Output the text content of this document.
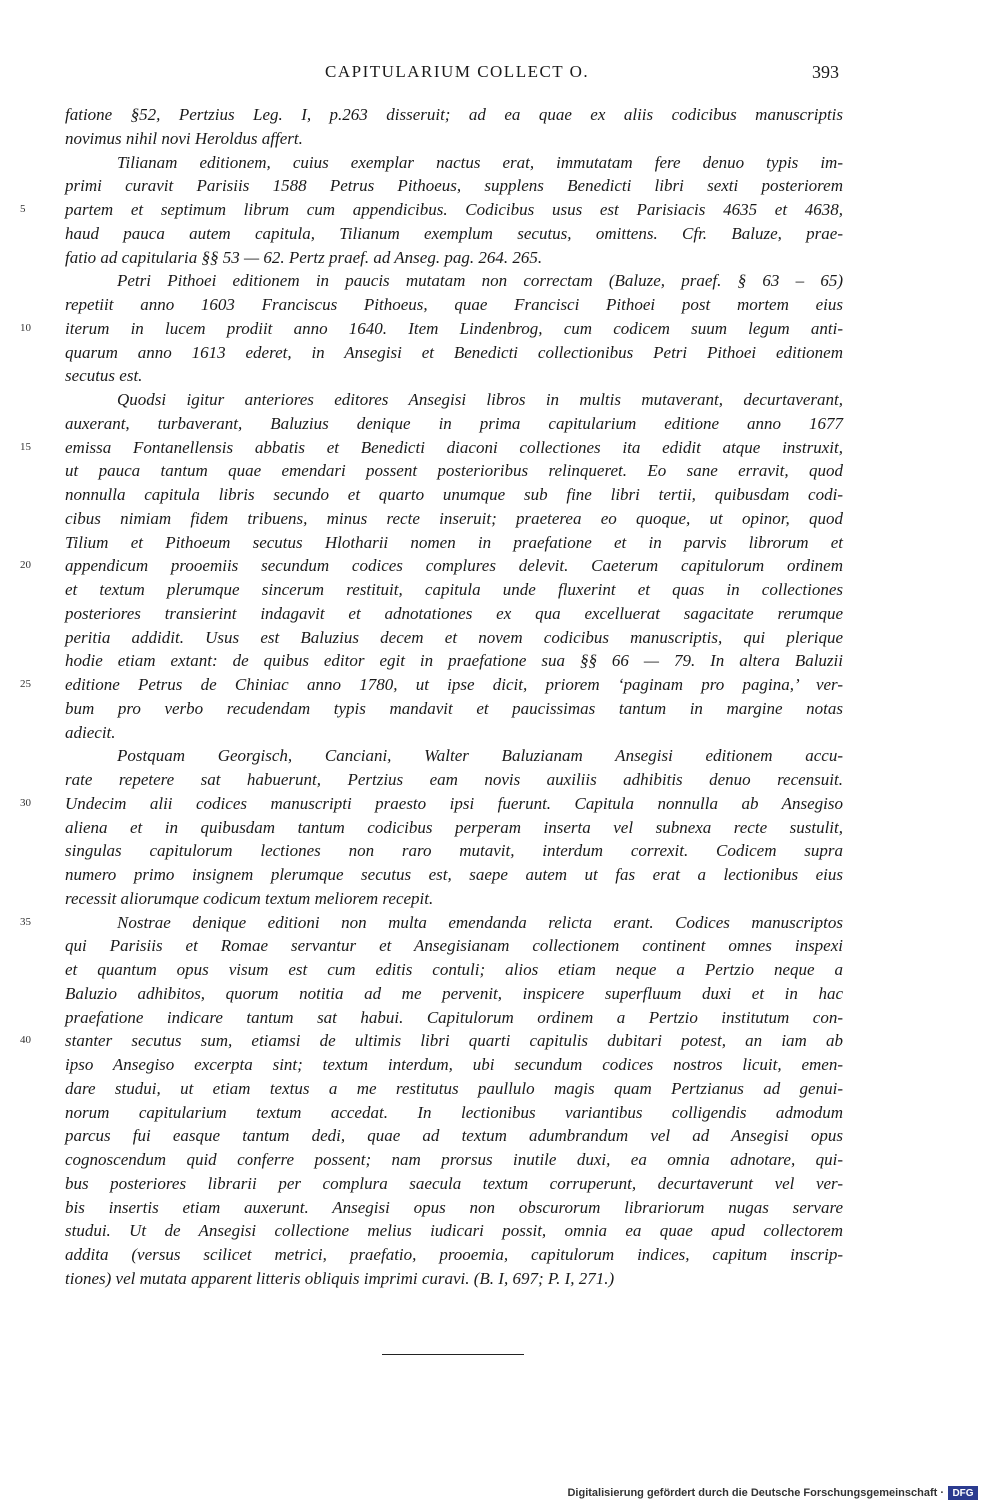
CAPITULARIUM COLLECT O.	393
fatione §52, Pertzius Leg. I, p.263 disseruit; ad ea quae ex aliis codicibus manuscriptis
novimus nihil novi Heroldus affert.
Tilianam editionem, cuius exemplar nactus erat, immutatam fere denuo typis im-
primi curavit Parisiis 1588 Petrus Pithoeus, supplens Benedicti libri sexti posteriorem
5	partem et septimum librum cum appendicibus. Codicibus usus est Parisiacis 4635 et 4638,
haud pauca autem capitula, Tilianum exemplum secutus, omittens. Cfr. Baluze, prae-
fatio ad capitularia §§ 53 — 62. Pertz praef. ad Anseg. pag. 264. 265.
Petri Pithoei editionem in paucis mutatam non correctam (Baluze, praef. § 63 – 65)
repetiit anno 1603 Franciscus Pithoeus, quae Francisci Pithoei post mortem eius
10	iterum in lucem prodiit anno 1640. Item Lindenbrog, cum codicem suum legum anti-
quarum anno 1613 ederet, in Ansegisi et Benedicti collectionibus Petri Pithoei editionem
secutus est.
Quodsi igitur anteriores editores Ansegisi libros in multis mutaverant, decurtaverant,
auxerant, turbaverant, Baluzius denique in prima capitularium editione anno 1677
15	emissa Fontanellensis abbatis et Benedicti diaconi collectiones ita edidit atque instruxit,
ut pauca tantum quae emendari possent posterioribus relinqueret. Eo sane erravit, quod
nonnulla capitula libris secundo et quarto unumque sub fine libri tertii, quibusdam codi-
cibus nimiam fidem tribuens, minus recte inseruit; praeterea eo quoque, ut opinor, quod
Tilium et Pithoeum secutus Hlotharii nomen in praefatione et in parvis librorum et
20	appendicum prooemiis secundum codices complures delevit. Caeterum capitulorum ordinem
et textum plerumque sincerum restituit, capitula unde fluxerint et quas in collectiones
posteriores transierint indagavit et adnotationes ex qua excelluerat sagacitate rerumque
peritia addidit. Usus est Baluzius decem et novem codicibus manuscriptis, qui plerique
hodie etiam extant: de quibus editor egit in praefatione sua §§ 66 — 79. In altera Baluzii
25	editione Petrus de Chiniac anno 1780, ut ipse dicit, priorem ‘paginam pro pagina,’ ver-
bum pro verbo recudendam typis mandavit et paucissimas tantum in margine notas
adiecit.
Postquam Georgisch, Canciani, Walter Baluzianam Ansegisi editionem accu-
rate repetere sat habuerunt, Pertzius eam novis auxiliis adhibitis denuo recensuit.
30	Undecim alii codices manuscripti praesto ipsi fuerunt. Capitula nonnulla ab Ansegiso
aliena et in quibusdam tantum codicibus perperam inserta vel subnexa recte sustulit,
singulas capitulorum lectiones non raro mutavit, interdum correxit. Codicem supra
numero primo insignem plerumque secutus est, saepe autem ut fas erat a lectionibus eius
recessit aliorumque codicum textum meliorem recepit.
35	Nostrae denique editioni non multa emendanda relicta erant. Codices manuscriptos
qui Parisiis et Romae servantur et Ansegisianam collectionem continent omnes inspexi
et quantum opus visum est cum editis contuli; alios etiam neque a Pertzio neque a
Baluzio adhibitos, quorum notitia ad me pervenit, inspicere superfluum duxi et in hac
praefatione indicare tantum sat habui. Capitulorum ordinem a Pertzio institutum con-
40	stanter secutus sum, etiamsi de ultimis libri quarti capitulis dubitari potest, an iam ab
ipso Ansegiso excerpta sint; textum interdum, ubi secundum codices nostros licuit, emen-
dare studui, ut etiam textus a me restitutus paullulo magis quam Pertzianus ad genui-
norum capitularium textum accedat. In lectionibus variantibus colligendis admodum
parcus fui easque tantum dedi, quae ad textum adumbrandum vel ad Ansegisi opus
cognoscendum quid conferre possent; nam prorsus inutile duxi, ea omnia adnotare, qui-
bus posteriores librarii per complura saecula textum corruperunt, decurtaverunt vel ver-
bis insertis etiam auxerunt. Ansegisi opus non obscurorum librariorum nugas servare
studui. Ut de Ansegisi collectione melius iudicari possit, omnia ea quae apud collectorem
addita (versus scilicet metrici, praefatio, prooemia, capitulorum indices, capitum inscrip-
tiones) vel mutata apparent litteris obliquis imprimi curavi. (B. I, 697; P. I, 271.)
Digitalisierung gefördert durch die Deutsche Forschungsgemeinschaft · DFG
